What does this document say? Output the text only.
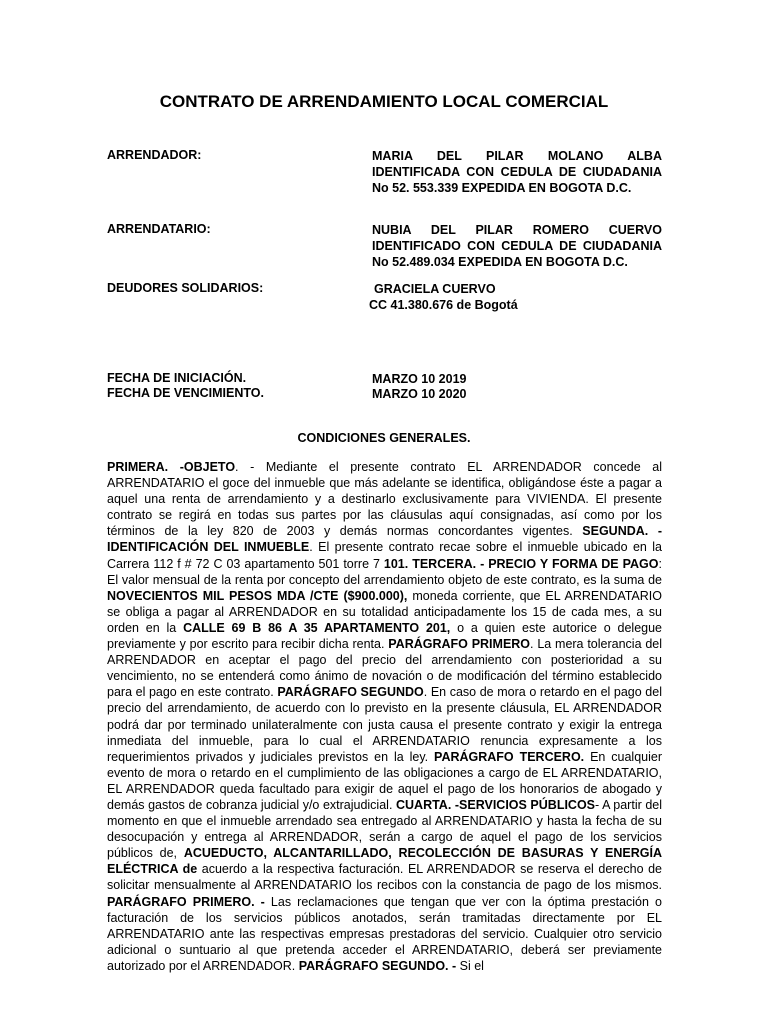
CONTRATO DE ARRENDAMIENTO LOCAL COMERCIAL
ARRENDADOR:	MARIA DEL PILAR MOLANO ALBA IDENTIFICADA CON CEDULA DE CIUDADANIA No 52. 553.339 EXPEDIDA EN BOGOTA D.C.
ARRENDATARIO:	NUBIA DEL PILAR ROMERO CUERVO IDENTIFICADO CON CEDULA DE CIUDADANIA No 52.489.034 EXPEDIDA EN BOGOTA D.C.
DEUDORES SOLIDARIOS:	GRACIELA CUERVO
CC 41.380.676 de Bogotá
FECHA DE INICIACIÓN.	MARZO 10 2019
FECHA DE VENCIMIENTO.	MARZO 10 2020
CONDICIONES GENERALES.
PRIMERA. -OBJETO. - Mediante el presente contrato EL ARRENDADOR concede al ARRENDATARIO el goce del inmueble que más adelante se identifica, obligándose éste a pagar a aquel una renta de arrendamiento y a destinarlo exclusivamente para VIVIENDA. El presente contrato se regirá en todas sus partes por las cláusulas aquí consignadas, así como por los términos de la ley 820 de 2003 y demás normas concordantes vigentes. SEGUNDA. - IDENTIFICACIÓN DEL INMUEBLE. El presente contrato recae sobre el inmueble ubicado en la Carrera 112 f # 72 C 03 apartamento 501 torre 7 101. TERCERA. - PRECIO Y FORMA DE PAGO: El valor mensual de la renta por concepto del arrendamiento objeto de este contrato, es la suma de NOVECIENTOS MIL PESOS MDA /CTE ($900.000), moneda corriente, que EL ARRENDATARIO se obliga a pagar al ARRENDADOR en su totalidad anticipadamente los 15 de cada mes, a su orden en la CALLE 69 B 86 A 35 APARTAMENTO 201, o a quien este autorice o delegue previamente y por escrito para recibir dicha renta. PARÁGRAFO PRIMERO. La mera tolerancia del ARRENDADOR en aceptar el pago del precio del arrendamiento con posterioridad a su vencimiento, no se entenderá como ánimo de novación o de modificación del término establecido para el pago en este contrato. PARÁGRAFO SEGUNDO. En caso de mora o retardo en el pago del precio del arrendamiento, de acuerdo con lo previsto en la presente cláusula, EL ARRENDADOR podrá dar por terminado unilateralmente con justa causa el presente contrato y exigir la entrega inmediata del inmueble, para lo cual el ARRENDATARIO renuncia expresamente a los requerimientos privados y judiciales previstos en la ley. PARÁGRAFO TERCERO. En cualquier evento de mora o retardo en el cumplimiento de las obligaciones a cargo de EL ARRENDATARIO, EL ARRENDADOR queda facultado para exigir de aquel el pago de los honorarios de abogado y demás gastos de cobranza judicial y/o extrajudicial. CUARTA. -SERVICIOS PÚBLICOS- A partir del momento en que el inmueble arrendado sea entregado al ARRENDATARIO y hasta la fecha de su desocupación y entrega al ARRENDADOR, serán a cargo de aquel el pago de los servicios públicos de, ACUEDUCTO, ALCANTARILLADO, RECOLECCIÓN DE BASURAS Y ENERGÍA ELÉCTRICA de acuerdo a la respectiva facturación. EL ARRENDADOR se reserva el derecho de solicitar mensualmente al ARRENDATARIO los recibos con la constancia de pago de los mismos. PARÁGRAFO PRIMERO. - Las reclamaciones que tengan que ver con la óptima prestación o facturación de los servicios públicos anotados, serán tramitadas directamente por EL ARRENDATARIO ante las respectivas empresas prestadoras del servicio. Cualquier otro servicio adicional o suntuario al que pretenda acceder el ARRENDATARIO, deberá ser previamente autorizado por el ARRENDADOR. PARÁGRAFO SEGUNDO. - Si el
